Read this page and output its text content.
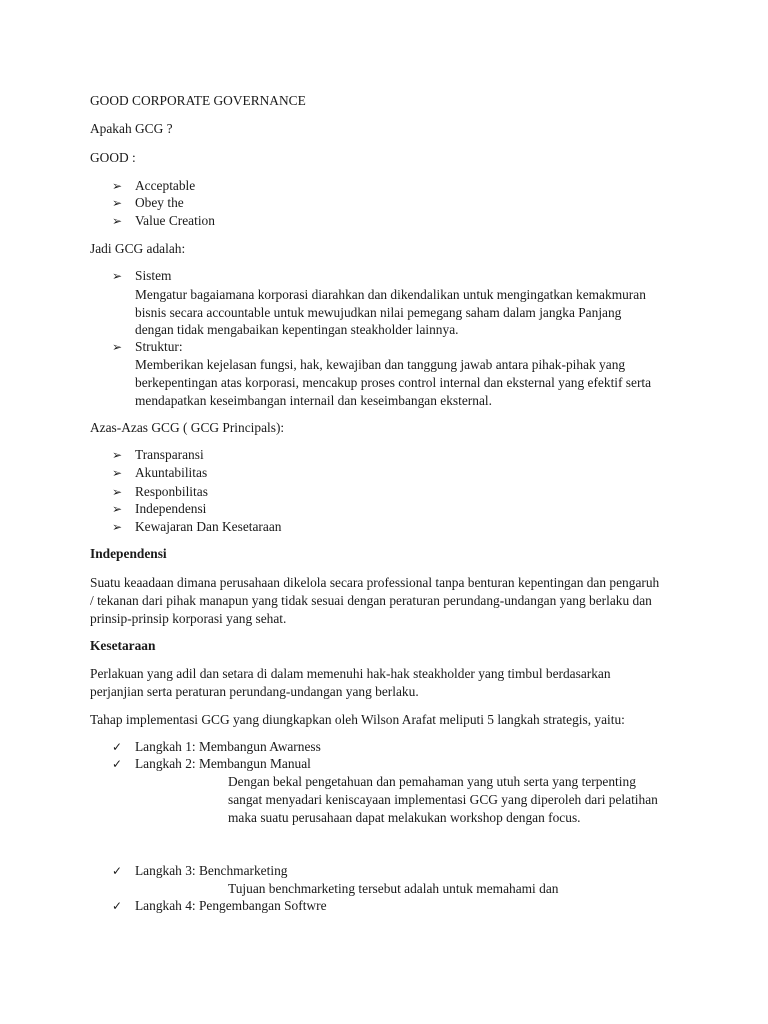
GOOD CORPORATE GOVERNANCE
Apakah GCG ?
GOOD :
➢ Acceptable
➢ Obey the
➢ Value Creation
Jadi GCG adalah:
➢ Sistem
Mengatur bagaiamana korporasi diarahkan dan dikendalikan untuk mengingatkan kemakmuran
bisnis secara accountable untuk mewujudkan nilai pemegang saham dalam jangka Panjang
dengan tidak mengabaikan kepentingan steakholder lainnya.
➢ Struktur:
Memberikan kejelasan fungsi, hak, kewajiban dan tanggung jawab antara pihak-pihak yang
berkepentingan atas korporasi, mencakup proses control internal dan eksternal yang efektif serta
mendapatkan keseimbangan internail dan keseimbangan eksternal.
Azas-Azas GCG ( GCG Principals):
➢ Transparansi
➢ Akuntabilitas
➢ Responbilitas
➢ Independensi
➢ Kewajaran Dan Kesetaraan
Independensi
Suatu keaadaan dimana perusahaan dikelola secara professional tanpa benturan kepentingan dan pengaruh
/ tekanan dari pihak manapun yang tidak sesuai dengan peraturan perundang-undangan yang berlaku dan
prinsip-prinsip korporasi yang sehat.
Kesetaraan
Perlakuan yang adil dan setara di dalam memenuhi hak-hak steakholder yang timbul berdasarkan
perjanjian serta peraturan perundang-undangan yang berlaku.
Tahap implementasi GCG yang diungkapkan oleh Wilson Arafat meliputi 5 langkah strategis, yaitu:
✓ Langkah 1: Membangun Awarness
✓ Langkah 2: Membangun Manual
Dengan bekal pengetahuan dan pemahaman yang utuh serta yang terpenting
sangat menyadari keniscayaan implementasi GCG yang diperoleh dari pelatihan
maka suatu perusahaan dapat melakukan workshop dengan focus.
✓ Langkah 3: Benchmarketing
Tujuan benchmarketing tersebut adalah untuk memahami dan
✓ Langkah 4: Pengembangan Softwre
